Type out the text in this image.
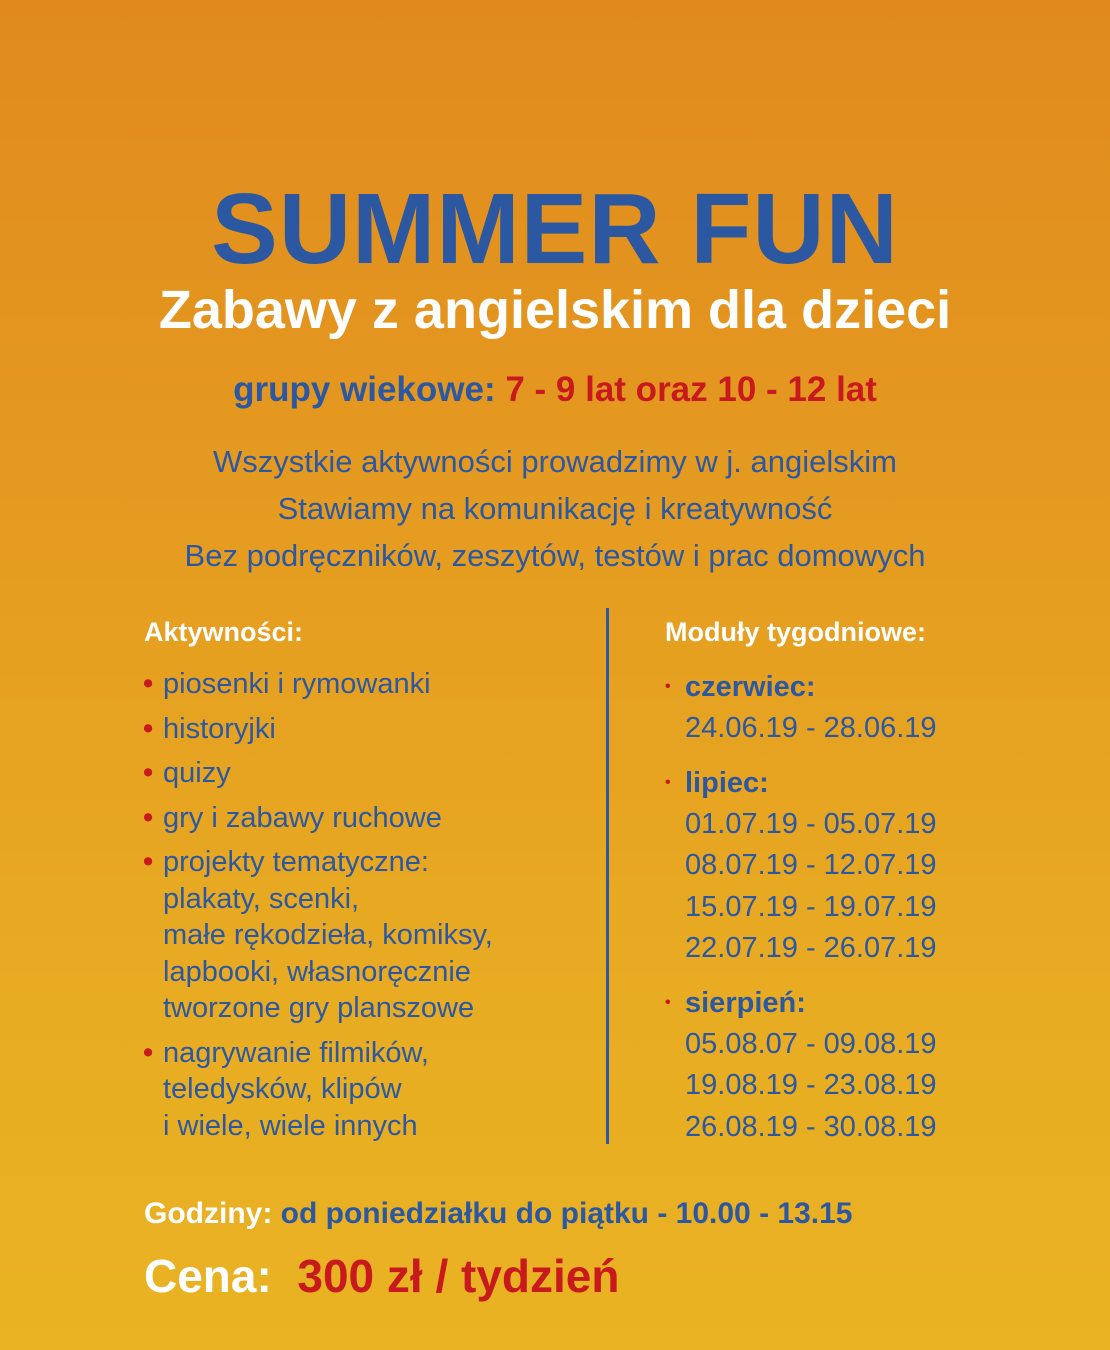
SUMMER FUN
Zabawy z angielskim dla dzieci
grupy wiekowe: 7 - 9 lat oraz 10 - 12 lat
Wszystkie aktywności prowadzimy w j. angielskim
Stawiamy na komunikację i kreatywność
Bez podręczników, zeszytów, testów i prac domowych
Aktywności:
• piosenki i rymowanki
• historyjki
• quizy
• gry i zabawy ruchowe
• projekty tematyczne:
plakaty, scenki,
małe rękodzieła, komiksy,
lapbooki, własnoręcznie
tworzone gry planszowe
• nagrywanie filmików,
teledysków, klipów
i wiele, wiele innych
Moduły tygodniowe:
• czerwiec:
24.06.19 - 28.06.19
• lipiec:
01.07.19 - 05.07.19
08.07.19 - 12.07.19
15.07.19 - 19.07.19
22.07.19 - 26.07.19
• sierpień:
05.08.07 - 09.08.19
19.08.19 - 23.08.19
26.08.19 - 30.08.19
Godziny: od poniedziałku do piątku - 10.00 - 13.15
Cena: 300 zł / tydzień
